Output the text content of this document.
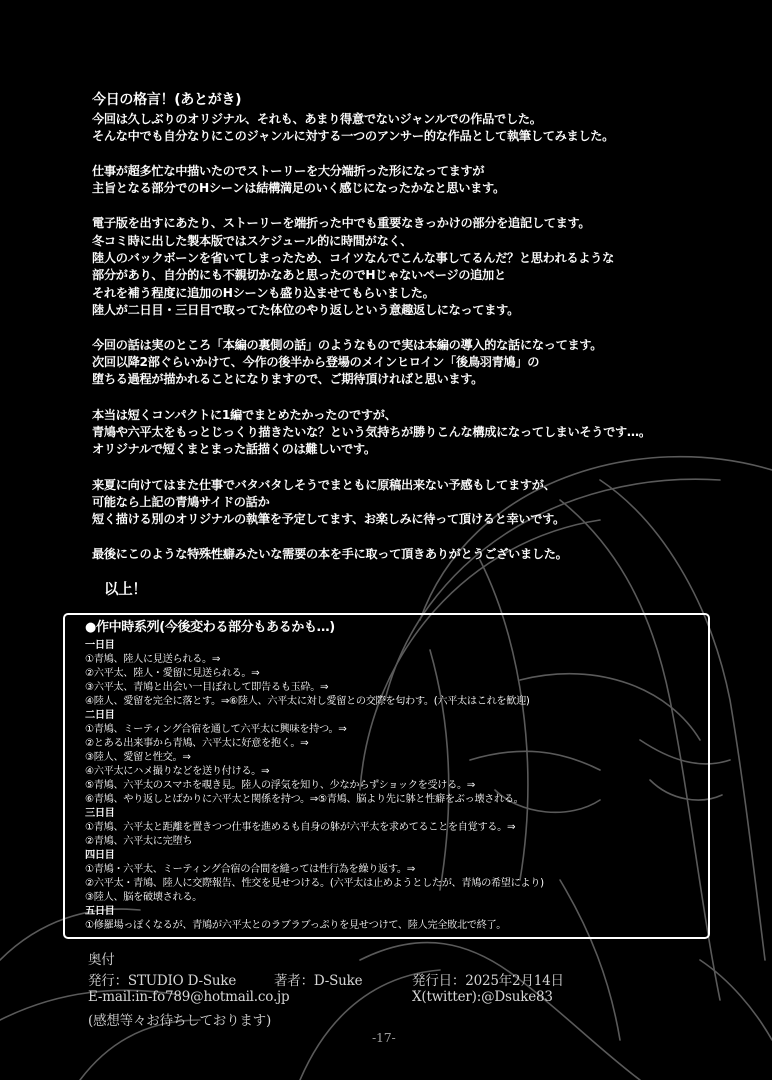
今日の格言！(あとがき)
今回は久しぶりのオリジナル、それも、あまり得意でないジャンルでの作品でした。
そんな中でも自分なりにこのジャンルに対する一つのアンサー的な作品として執筆してみました。
仕事が超多忙な中描いたのでストーリーを大分端折った形になってますが
主旨となる部分でのHシーンは結構満足のいく感じになったかなと思います。
電子版を出すにあたり、ストーリーを端折った中でも重要なきっかけの部分を追記してます。
冬コミ時に出した製本版ではスケジュール的に時間がなく、
陸人のバックボーンを省いてしまったため、コイツなんでこんな事してるんだ？と思われるような
部分があり、自分的にも不親切かなあと思ったのでHじゃないページの追加と
それを補う程度に追加のHシーンも盛り込ませてもらいました。
陸人が二日目・三日目で取ってた体位のやり返しという意趣返しになってます。
今回の話は実のところ「本編の裏側の話」のようなもので実は本編の導入的な話になってます。
次回以降2部ぐらいかけて、今作の後半から登場のメインヒロイン「後鳥羽青鳩」の
堕ちる過程が描かれることになりますので、ご期待頂ければと思います。
本当は短くコンパクトに1編でまとめたかったのですが、
青鳩や六平太をもっとじっくり描きたいな？という気持ちが勝りこんな構成になってしまいそうです…。
オリジナルで短くまとまった話描くのは難しいです。
来夏に向けてはまた仕事でバタバタしそうでまともに原稿出来ない予感もしてますが、
可能なら上記の青鳩サイドの話か
短く描ける別のオリジナルの執筆を予定してます、お楽しみに待って頂けると幸いです。
最後にこのような特殊性癖みたいな需要の本を手に取って頂きありがとうございました。
以上！
●作中時系列(今後変わる部分もあるかも…)
一日目
①青鳩、陸人に見送られる。⇒
②六平太、陸人・愛留に見送られる。⇒
③六平太、青鳩と出会い一目ぼれして即告るも玉砕。⇒
④陸人、愛留を完全に落とす。⇒⑥陸人、六平太に対し愛留との交際を匂わす。(六平太はこれを歓迎)
二日目
①青鳩、ミーティング合宿を通して六平太に興味を持つ。⇒
②とある出来事から青鳩、六平太に好意を抱く。⇒
③陸人、愛留と性交。⇒
④六平太にハメ撮りなどを送り付ける。⇒
⑤青鳩、六平太のスマホを覗き見。陸人の浮気を知り、少なからずショックを受ける。⇒
⑥青鳩、やり返しとばかりに六平太と関係を持つ。⇒⑤青鳩、脳より先に躰と性癖をぶっ壊される。
三日目
①青鳩、六平太と距離を置きつつ仕事を進めるも自身の躰が六平太を求めてることを自覚する。⇒
②青鳩、六平太に完堕ち
四日目
①青鳩・六平太、ミーティング合宿の合間を縫っては性行為を繰り返す。⇒
②六平太・青鳩、陸人に交際報告、性交を見せつける。(六平太は止めようとしたが、青鳩の希望により)
③陸人、脳を破壊される。
五日目
①修羅場っぽくなるが、青鳩が六平太とのラブラブっぷりを見せつけて、陸人完全敗北で終了。
奥付
発行：STUDIO D-Suke	著者：D-Suke	発行日：2025年2月14日
E-mail:in-fo789@hotmail.co.jp	X(twitter):@Dsuke83
(感想等々お待ちしております)
-17-
